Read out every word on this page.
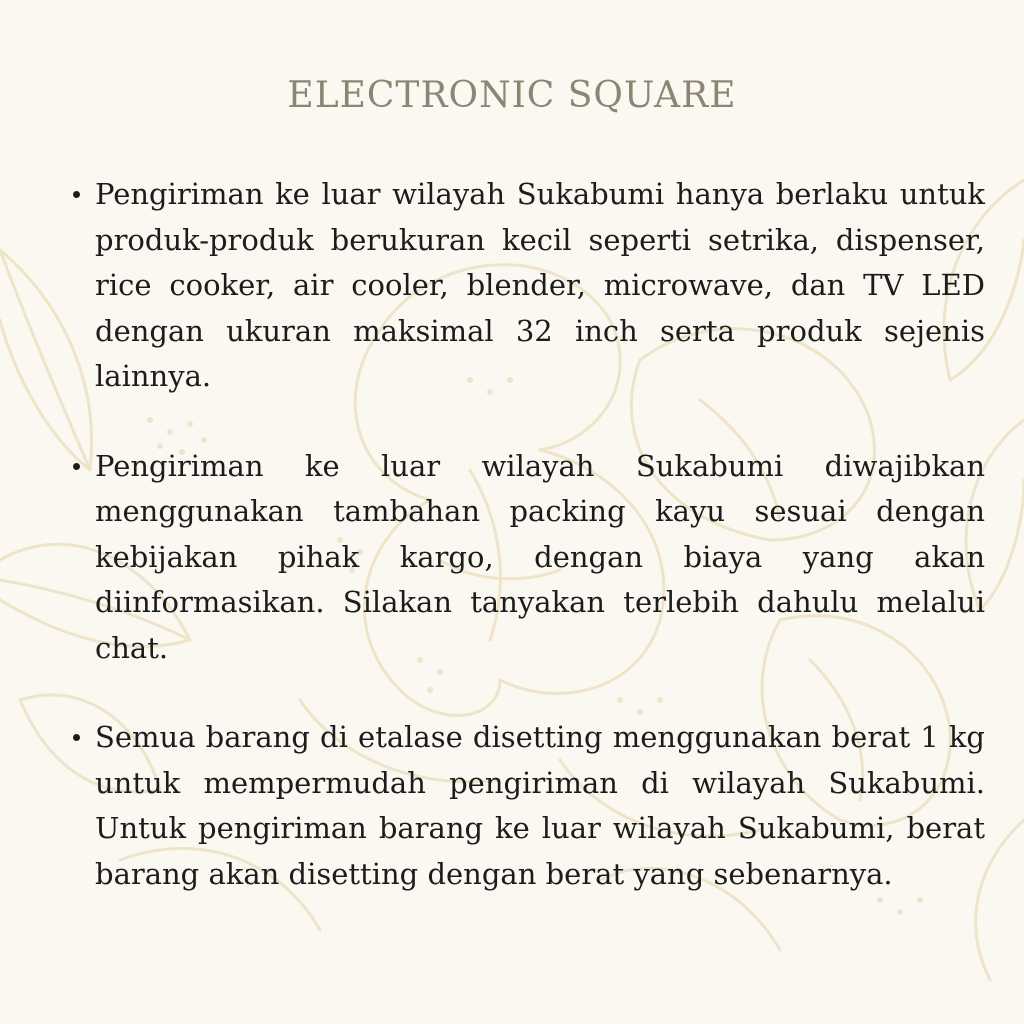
ELECTRONIC SQUARE
Pengiriman ke luar wilayah Sukabumi hanya berlaku untuk produk-produk berukuran kecil seperti setrika, dispenser, rice cooker, air cooler, blender, microwave, dan TV LED dengan ukuran maksimal 32 inch serta produk sejenis lainnya.
Pengiriman ke luar wilayah Sukabumi diwajibkan menggunakan tambahan packing kayu sesuai dengan kebijakan pihak kargo, dengan biaya yang akan diinformasikan. Silakan tanyakan terlebih dahulu melalui chat.
Semua barang di etalase disetting menggunakan berat 1 kg untuk mempermudah pengiriman di wilayah Sukabumi. Untuk pengiriman barang ke luar wilayah Sukabumi, berat barang akan disetting dengan berat yang sebenarnya.
